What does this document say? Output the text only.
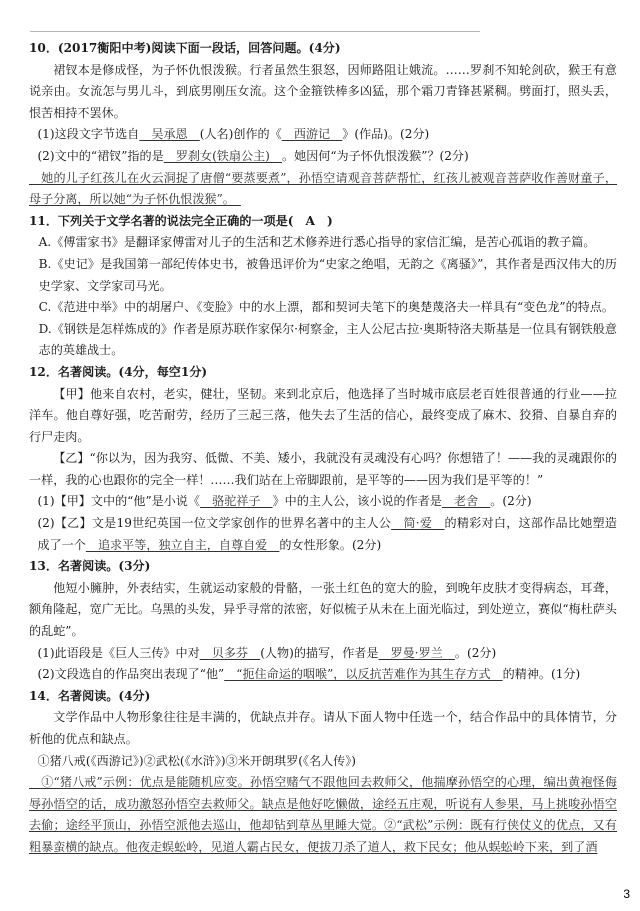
10．(2017衡阳中考)阅读下面一段话，回答问题。(4分)

裙钗本是修成怪，为子怀仇恨泼猴。行者虽然生狠怒，因师路阻让娥流。……罗刹不知轮剑砍，猴王有意说亲由。女流怎与男儿斗，到底男刚压女流。这个金箍铁棒多凶猛，那个霜刀青锋甚紧稠。劈面打，照头丢，恨苦相持不罢休。

(1)这段文字节选自　吴承恩　(人名)创作的《　西游记　》(作品)。(2分)

(2)文中的“裙钗”指的是　罗刹女(铁扇公主)　。她因何“为子怀仇恨泼猴”？(2分)

　她的儿子红孩儿在火云洞捉了唐僧“要蒸要煮”，孙悟空请观音菩萨帮忙，红孩儿被观音菩萨收作善财童子，母子分离，所以她“为子怀仇恨泼猴”。　

11．下列关于文学名著的说法完全正确的一项是(　A　)

A.《傅雷家书》是翻译家傅雷对儿子的生活和艺术修养进行悉心指导的家信汇编，是苦心孤诣的教子篇。

B.《史记》是我国第一部纪传体史书，被鲁迅评价为“史家之绝唱，无韵之《离骚》”，其作者是西汉伟大的历史学家、文学家司马光。

C.《范进中举》中的胡屠户、《变脸》中的水上漂，都和契诃夫笔下的奥楚蔑洛夫一样具有“变色龙”的特点。

D.《钢铁是怎样炼成的》作者是原苏联作家保尔·柯察金，主人公尼古拉·奥斯特洛夫斯基是一位具有钢铁般意志的英雄战士。

12．名著阅读。(4分，每空1分)

【甲】他来自农村，老实，健壮，坚韧。来到北京后，他选择了当时城市底层老百姓很普通的行业——拉洋车。他自尊好强，吃苦耐劳，经历了三起三落，他失去了生活的信心，最终变成了麻木、狡猾、自暴自弃的行尸走肉。

【乙】“你以为，因为我穷、低微、不美、矮小，我就没有灵魂没有心吗？你想错了！——我的灵魂跟你的一样，我的心也跟你的完全一样！……我们站在上帝脚跟前，是平等的——因为我们是平等的！”

(1)【甲】文中的“他”是小说《　骆驼祥子　》中的主人公，该小说的作者是　老舍　。(2分)

(2)【乙】文是19世纪英国一位文学家创作的世界名著中的主人公　简·爱　的精彩对白，这部作品比她塑造成了一个　追求平等，独立自主，自尊自爱　的女性形象。(2分)

13．名著阅读。(3分)

他短小臃肿，外表结实，生就运动家般的骨骼，一张土红色的宽大的脸，到晚年皮肤才变得病态，耳聋，额角隆起，宽广无比。乌黑的头发，异乎寻常的浓密，好似梳子从未在上面光临过，到处逆立，赛似“梅杜萨头的乱蛇”。

(1)此语段是《巨人三传》中对　贝多芬　(人物)的描写，作者是　罗曼·罗兰　。(2分)

(2)文段选自的作品突出表现了“他”　“扼住命运的咽喉”，以反抗苦难作为其生存方式　的精神。(1分)

14．名著阅读。(4分)

文学作品中人物形象往往是丰满的，优缺点并存。请从下面人物中任选一个，结合作品中的具体情节，分析他的优点和缺点。

①猪八戒(《西游记》)②武松(《水浒》)③米开朗琪罗(《名人传》)

　①“猪八戒”示例：优点是能随机应变。孙悟空赌气不跟他回去救师父，他揣摩孙悟空的心理，编出黄袍怪侮辱孙悟空的话，成功激怒孙悟空去救师父。缺点是他好吃懒做，途经五庄观，听说有人参果，马上挑唆孙悟空去偷；途经平顶山，孙悟空派他去巡山，他却钻到草丛里睡大觉。②“武松”示例：既有行侠仗义的优点，又有粗暴蛮横的缺点。他夜走蜈蚣岭，见道人霸占民女，便拔刀杀了道人，救下民女；他从蜈蚣岭下来，到了酒

3
